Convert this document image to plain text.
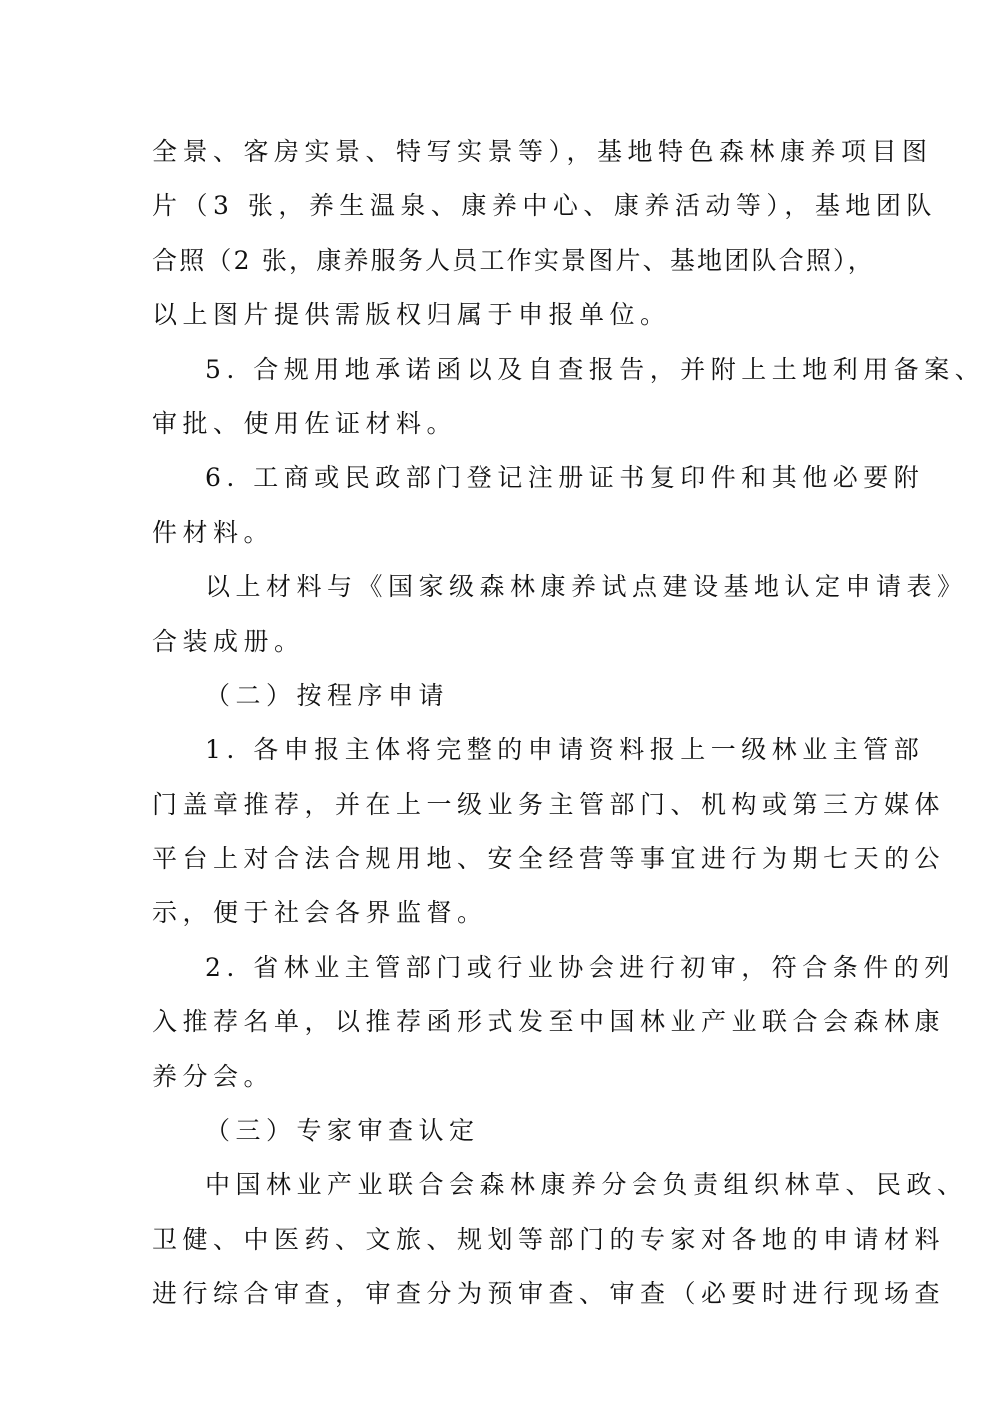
全景、客房实景、特写实景等），基地特色森林康养项目图
片（3 张，养生温泉、康养中心、康养活动等），基地团队
合照（2 张，康养服务人员工作实景图片、基地团队合照），
以上图片提供需版权归属于申报单位。
5. 合规用地承诺函以及自查报告，并附上土地利用备案、
审批、使用佐证材料。
6. 工商或民政部门登记注册证书复印件和其他必要附
件材料。
以上材料与《国家级森林康养试点建设基地认定申请表》
合装成册。
（二）按程序申请
1. 各申报主体将完整的申请资料报上一级林业主管部
门盖章推荐，并在上一级业务主管部门、机构或第三方媒体
平台上对合法合规用地、安全经营等事宜进行为期七天的公
示，便于社会各界监督。
2. 省林业主管部门或行业协会进行初审，符合条件的列
入推荐名单，以推荐函形式发至中国林业产业联合会森林康
养分会。
（三）专家审查认定
中国林业产业联合会森林康养分会负责组织林草、民政、
卫健、中医药、文旅、规划等部门的专家对各地的申请材料
进行综合审查，审查分为预审查、审查（必要时进行现场查
